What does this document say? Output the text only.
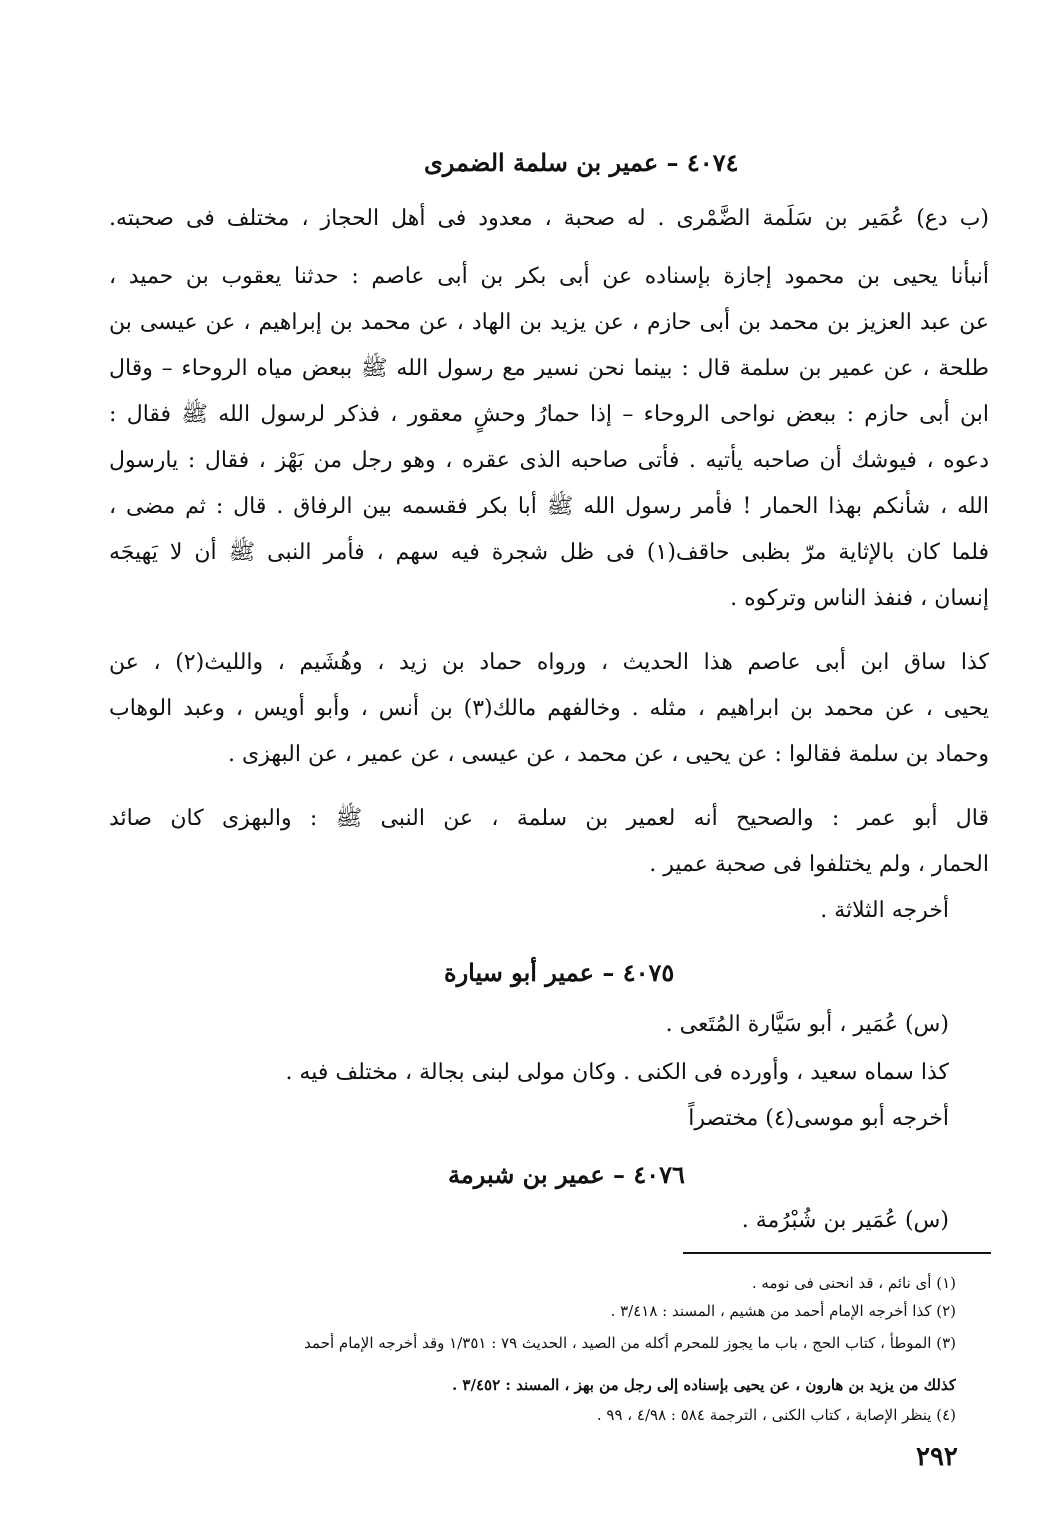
٤٠٧٤ – عمير بن سلمة الضمرى
(ب دع) عُمَير بن سَلَمة الضَّمْرى . له صحبة ، معدود فى أهل الحجاز ، مختلف فى صحبته.
أنبأنا يحيى بن محمود إجازة بإسناده عن أبى بكر بن أبى عاصم : حدثنا يعقوب بن حميد ،
عن عبد العزيز بن محمد بن أبى حازم ، عن يزيد بن الهاد ، عن محمد بن إبراهيم ، عن عيسى بن
طلحة ، عن عمير بن سلمة قال : بينما نحن نسير مع رسول الله ﷺ ببعض مياه الروحاء – وقال
ابن أبى حازم : ببعض نواحى الروحاء – إذا حمارُ وحشٍ معقور ، فذكر لرسول الله ﷺ فقال :
دعوه ، فيوشك أن صاحبه يأتيه . فأتى صاحبه الذى عقره ، وهو رجل من بَهْز ، فقال : يارسول
الله ، شأنكم بهذا الحمار ! فأمر رسول الله ﷺ أبا بكر فقسمه بين الرفاق . قال : ثم مضى ،
فلما كان بالإثاية مرّ بظبى حاقف(١) فى ظل شجرة فيه سهم ، فأمر النبى ﷺ أن لا يَهيجَه
إنسان ، فنفذ الناس وتركوه .
كذا ساق ابن أبى عاصم هذا الحديث ، ورواه حماد بن زيد ، وهُشَيم ، والليث(٢) ، عن
يحيى ، عن محمد بن ابراهيم ، مثله . وخالفهم مالك(٣) بن أنس ، وأبو أويس ، وعبد الوهاب
وحماد بن سلمة فقالوا : عن يحيى ، عن محمد ، عن عيسى ، عن عمير ، عن البهزى .
قال أبو عمر : والصحيح أنه لعمير بن سلمة ، عن النبى ﷺ : والبهزى كان صائد
الحمار ، ولم يختلفوا فى صحبة عمير .
أخرجه الثلاثة .
٤٠٧٥ – عمير أبو سيارة
(س) عُمَير ، أبو سَيَّارة المُتَعى .
كذا سماه سعيد ، وأورده فى الكنى . وكان مولى لبنى بجالة ، مختلف فيه .
أخرجه أبو موسى(٤) مختصراً
٤٠٧٦ – عمير بن شبرمة
(س) عُمَير بن شُبْرُمة .
(١) أى نائم ، قد انحنى فى نومه .
(٢) كذا أخرجه الإمام أحمد من هشيم ، المسند : ٣/٤١٨ .
(٣) الموطأ ، كتاب الحج ، باب ما يجوز للمحرم أكله من الصيد ، الحديث ٧٩ : ١/٣٥١ وقد أخرجه الإمام أحمد
كذلك من يزيد بن هارون ، عن يحيى بإسناده إلى رجل من بهز ، المسند : ٣/٤٥٢ .
(٤) ينظر الإصابة ، كتاب الكنى ، الترجمة ٥٨٤ : ٤/٩٨ ، ٩٩ .
٢٩٢
